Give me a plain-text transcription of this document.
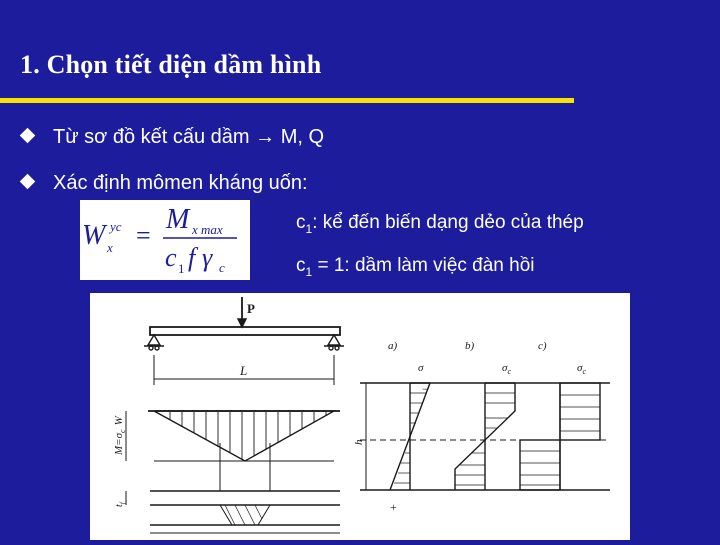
1. Chọn tiết diện dầm hình
Từ sơ đồ kết cấu dầm → M, Q
Xác định mômen kháng uốn:
W yc
x =
M x max
c 1 f γ c
$c_1$: kể đến biến dạng dẻo của thép
$c_1 = 1$: dầm làm việc đàn hồi
P
L
$M=\sigma_cW$
$t_f$
a)	b)	c)
h
σ
−
+
$\sigma_c$	$\sigma_c$
